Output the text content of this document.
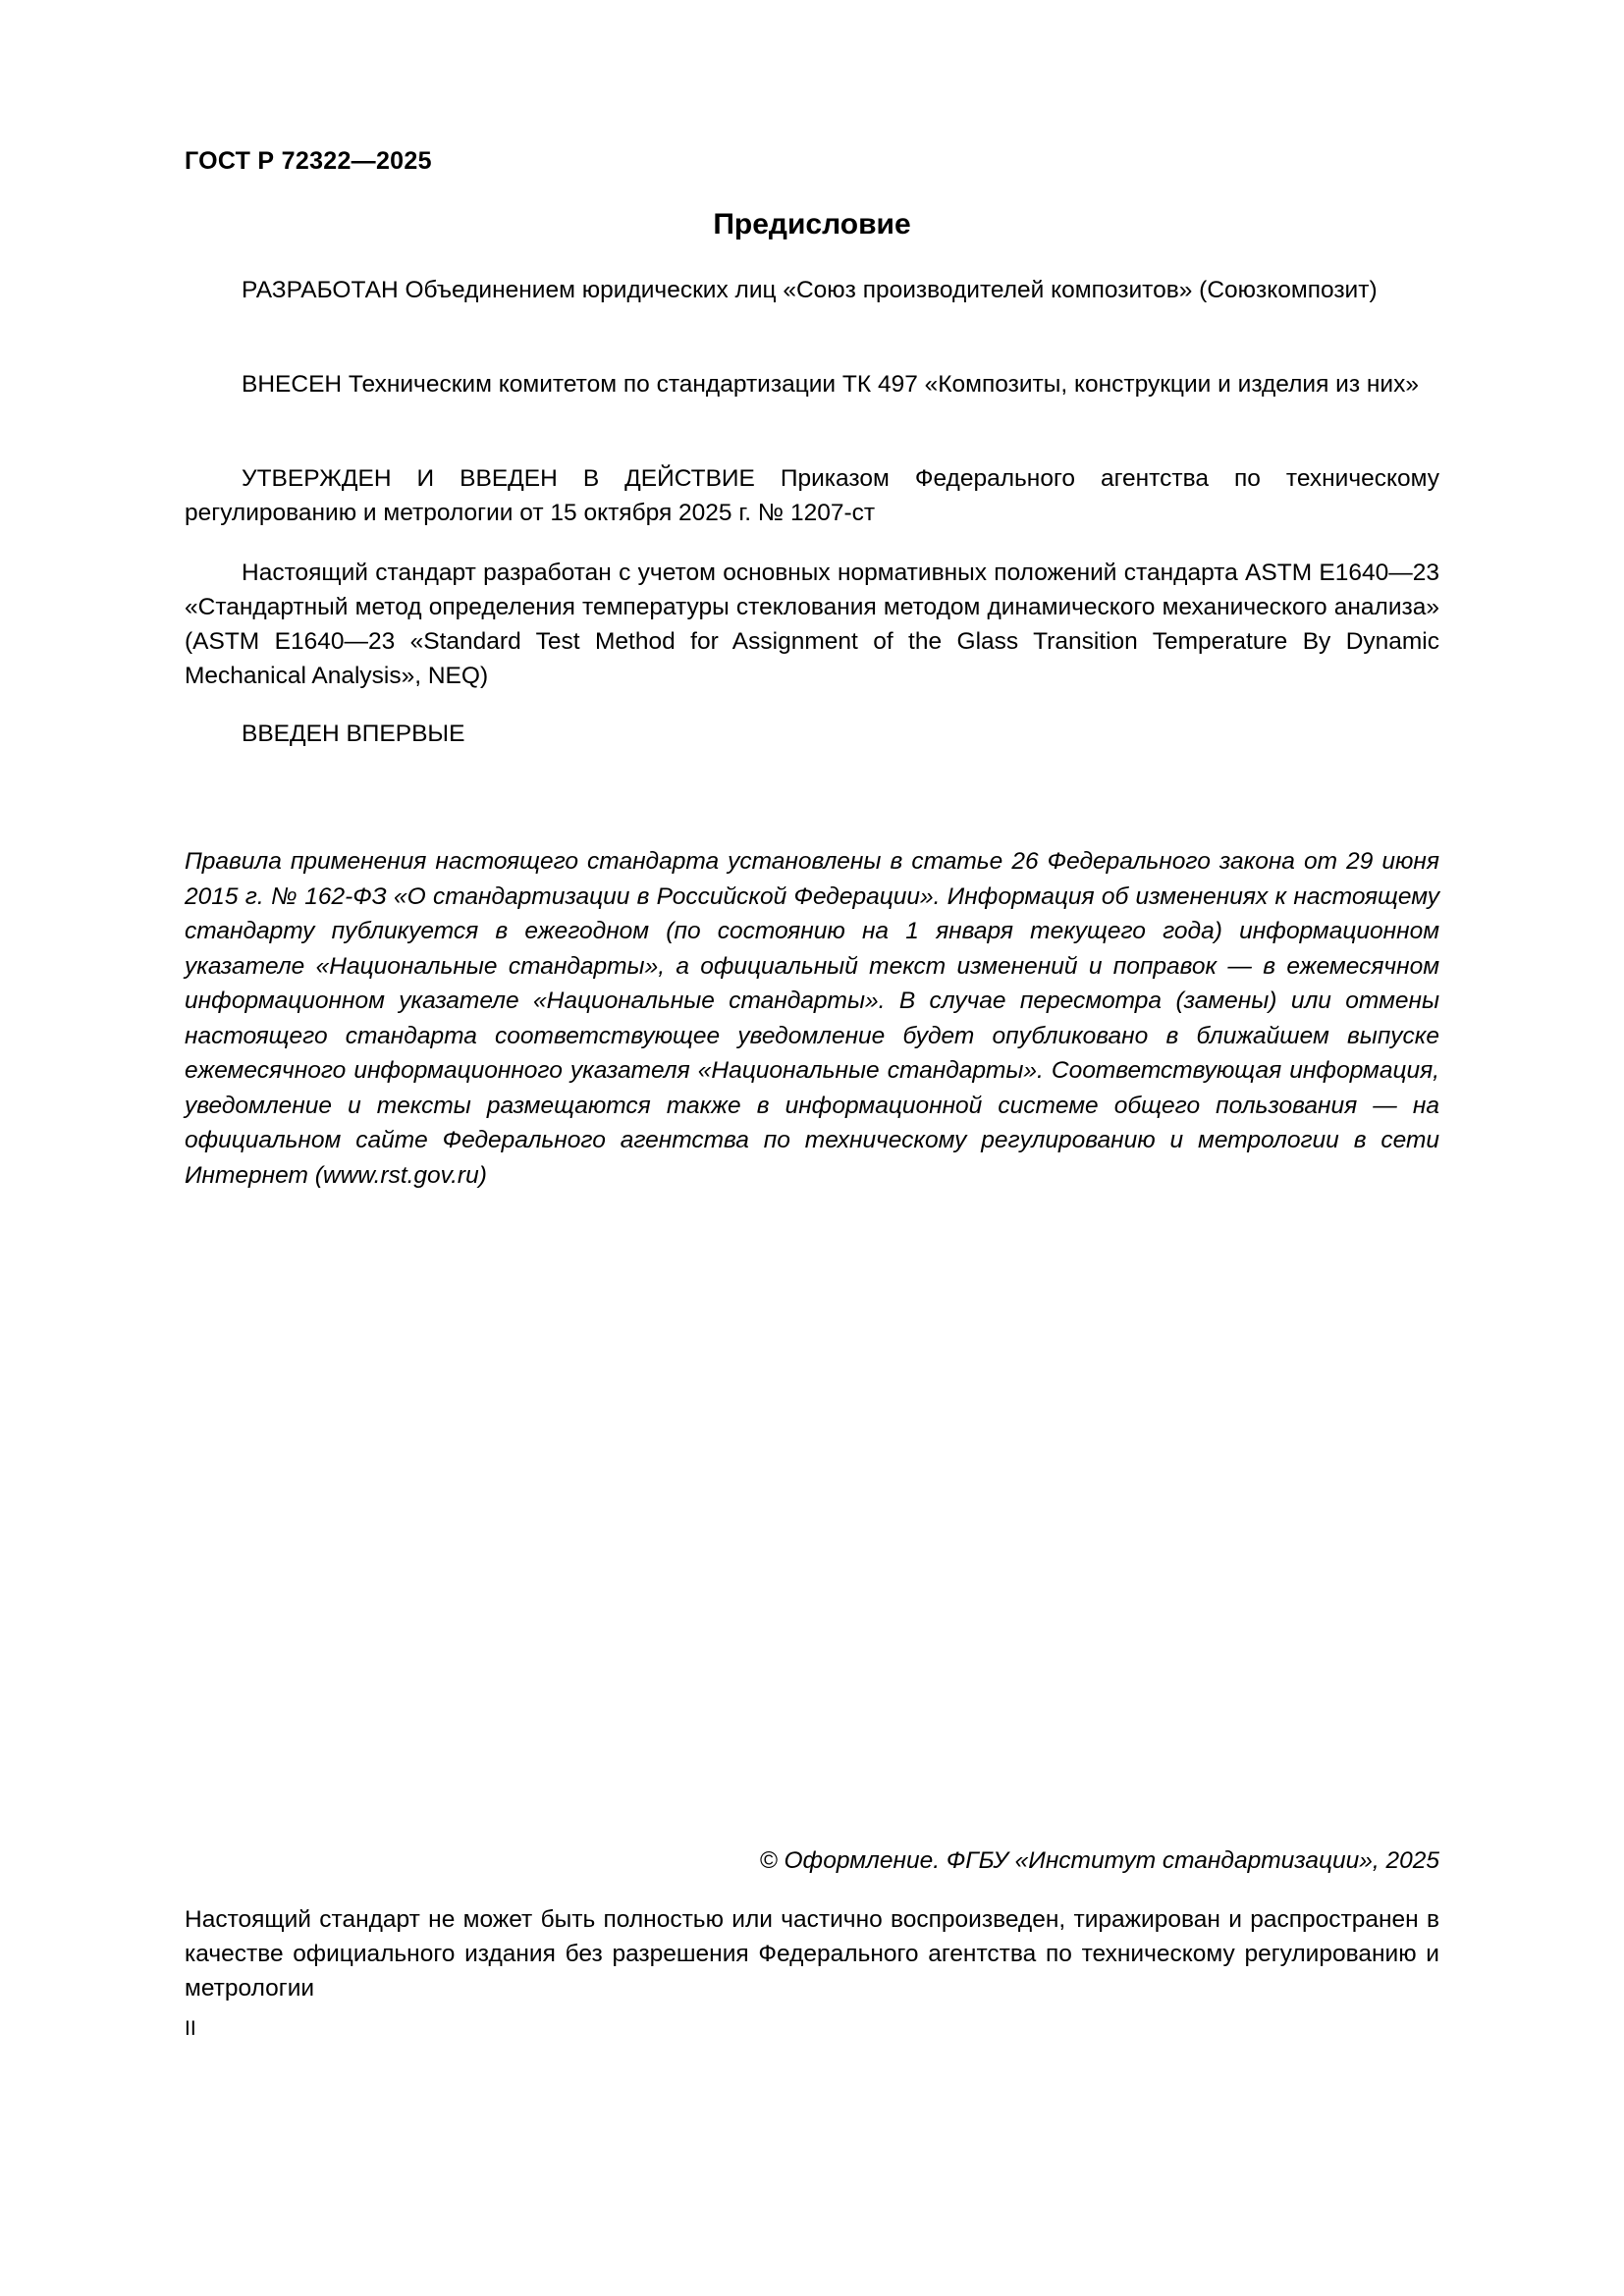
ГОСТ Р 72322—2025
Предисловие
РАЗРАБОТАН Объединением юридических лиц «Союз производителей композитов» (Союзкомпозит)
ВНЕСЕН Техническим комитетом по стандартизации ТК 497 «Композиты, конструкции и изделия из них»
УТВЕРЖДЕН И ВВЕДЕН В ДЕЙСТВИЕ Приказом Федерального агентства по техническому регулированию и метрологии от 15 октября 2025 г. № 1207-ст
Настоящий стандарт разработан с учетом основных нормативных положений стандарта ASTM E1640—23 «Стандартный метод определения температуры стеклования методом динамического механического анализа» (ASTM E1640—23 «Standard Test Method for Assignment of the Glass Transition Temperature By Dynamic Mechanical Analysis», NEQ)
ВВЕДЕН ВПЕРВЫЕ
Правила применения настоящего стандарта установлены в статье 26 Федерального закона от 29 июня 2015 г. № 162-ФЗ «О стандартизации в Российской Федерации». Информация об изменениях к настоящему стандарту публикуется в ежегодном (по состоянию на 1 января текущего года) информационном указателе «Национальные стандарты», а официальный текст изменений и поправок — в ежемесячном информационном указателе «Национальные стандарты». В случае пересмотра (замены) или отмены настоящего стандарта соответствующее уведомление будет опубликовано в ближайшем выпуске ежемесячного информационного указателя «Национальные стандарты». Соответствующая информация, уведомление и тексты размещаются также в информационной системе общего пользования — на официальном сайте Федерального агентства по техническому регулированию и метрологии в сети Интернет (www.rst.gov.ru)
© Оформление. ФГБУ «Институт стандартизации», 2025
Настоящий стандарт не может быть полностью или частично воспроизведен, тиражирован и распространен в качестве официального издания без разрешения Федерального агентства по техническому регулированию и метрологии
II
